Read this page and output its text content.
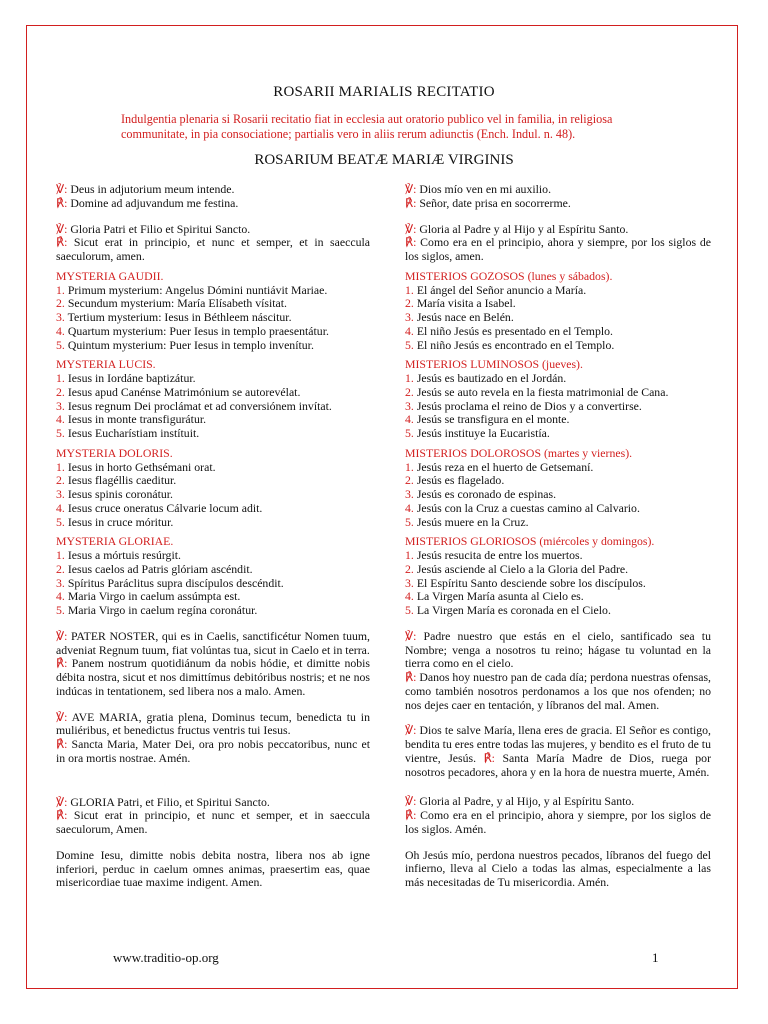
ROSARII MARIALIS RECITATIO
Indulgentia plenaria si Rosarii recitatio fiat in ecclesia aut oratorio publico vel in familia, in religiosa communitate, in pia consociatione; partialis vero in aliis rerum adiunctis (Ench. Indul. n. 48).
ROSARIUM BEATÆ MARIÆ VIRGINIS
℣: Deus in adjutorium meum intende.
℟: Domine ad adjuvandum me festina.
℣: Gloria Patri et Filio et Spiritui Sancto.
℟: Sicut erat in principio, et nunc et semper, et in saeccula saeculorum, amen.
MYSTERIA GAUDII.
1. Primum mysterium: Angelus Dómini nuntiávit Mariae.
2. Secundum mysterium: María Elísabeth vísitat.
3. Tertium mysterium: Iesus in Béthleem náscitur.
4. Quartum mysterium: Puer Iesus in templo praesentátur.
5. Quintum mysterium: Puer Iesus in templo invenítur.
MYSTERIA LUCIS.
1. Iesus in Iordáne baptizátur.
2. Iesus apud Canénse Matrimónium se autorevélat.
3. Iesus regnum Dei proclámat et ad conversiónem invítat.
4. Iesus in monte transfigurátur.
5. Iesus Eucharístiam instítuit.
MYSTERIA DOLORIS.
1. Iesus in horto Gethsémani orat.
2. Iesus flagéllis caeditur.
3. Iesus spinis coronátur.
4. Iesus cruce oneratus Cálvarie locum adit.
5. Iesus in cruce móritur.
MYSTERIA GLORIAE.
1. Iesus a mórtuis resúrgit.
2. Iesus caelos ad Patris glóriam ascéndit.
3. Spíritus Paráclitus supra discípulos descéndit.
4. Maria Virgo in caelum assúmpta est.
5. Maria Virgo in caelum regína coronátur.
℣: PATER NOSTER, qui es in Caelis, sanctificétur Nomen tuum, adveniat Regnum tuum, fiat volúntas tua, sicut in Caelo et in terra.
℟: Panem nostrum quotidiánum da nobis hódie, et dimitte nobis débita nostra, sicut et nos dimittímus debitóribus nostris; et ne nos indúcas in tentationem, sed libera nos a malo. Amen.
℣: AVE MARIA, gratia plena, Dominus tecum, benedicta tu in muliéribus, et benedictus fructus ventris tui Iesus.
℟: Sancta Maria, Mater Dei, ora pro nobis peccatoribus, nunc et in ora mortis nostrae. Amén.
℣: GLORIA Patri, et Filio, et Spiritui Sancto.
℟: Sicut erat in principio, et nunc et semper, et in saeccula saeculorum, Amen.
Domine Iesu, dimitte nobis debita nostra, libera nos ab igne inferiori, perduc in caelum omnes animas, praesertim eas, quae misericordiae tuae maxime indigent. Amen.
℣: Dios mío ven en mi auxilio.
℟: Señor, date prisa en socorrerme.
℣: Gloria al Padre y al Hijo y al Espíritu Santo.
℟: Como era en el principio, ahora y siempre, por los siglos de los siglos, amen.
MISTERIOS GOZOSOS (lunes y sábados).
1. El ángel del Señor anuncio a María.
2. María visita a Isabel.
3. Jesús nace en Belén.
4. El niño Jesús es presentado en el Templo.
5. El niño Jesús es encontrado en el Templo.
MISTERIOS LUMINOSOS (jueves).
1. Jesús es bautizado en el Jordán.
2. Jesús se auto revela en la fiesta matrimonial de Cana.
3. Jesús proclama el reino de Dios y a convertirse.
4. Jesús se transfigura en el monte.
5. Jesús instituye la Eucaristía.
MISTERIOS DOLOROSOS (martes y viernes).
1. Jesús reza en el huerto de Getsemaní.
2. Jesús es flagelado.
3. Jesús es coronado de espinas.
4. Jesús con la Cruz a cuestas camino al Calvario.
5. Jesús muere en la Cruz.
MISTERIOS GLORIOSOS (miércoles y domingos).
1. Jesús resucita de entre los muertos.
2. Jesús asciende al Cielo a la Gloria del Padre.
3. El Espíritu Santo desciende sobre los discípulos.
4. La Virgen María asunta al Cielo es.
5. La Virgen María es coronada en el Cielo.
℣: Padre nuestro que estás en el cielo, santificado sea tu Nombre; venga a nosotros tu reino; hágase tu voluntad en la tierra como en el cielo.
℟: Danos hoy nuestro pan de cada día; perdona nuestras ofensas, como también nosotros perdonamos a los que nos ofenden; no nos dejes caer en tentación, y líbranos del mal. Amen.
℣: Dios te salve María, llena eres de gracia. El Señor es contigo, bendita tu eres entre todas las mujeres, y bendito es el fruto de tu vientre, Jesús. ℟: Santa María Madre de Dios, ruega por nosotros pecadores, ahora y en la hora de nuestra muerte, Amén.
℣: Gloria al Padre, y al Hijo, y al Espíritu Santo.
℟: Como era en el principio, ahora y siempre, por los siglos de los siglos. Amén.
Oh Jesús mío, perdona nuestros pecados, líbranos del fuego del infierno, lleva al Cielo a todas las almas, especialmente a las más necesitadas de Tu misericordia. Amén.
www.traditio-op.org	1
